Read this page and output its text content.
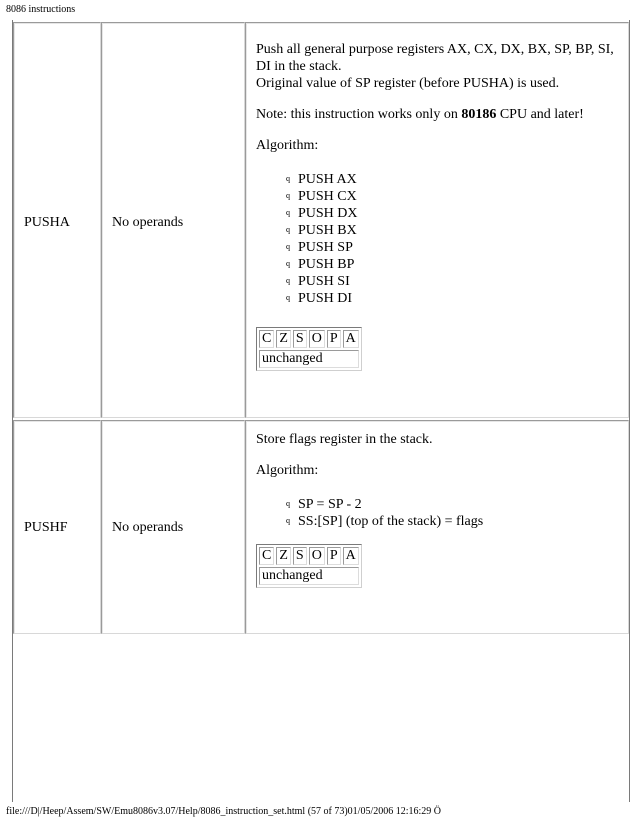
8086 instructions
PUSHA	No operands

Push all general purpose registers AX, CX, DX, BX, SP, BP, SI, DI in the stack.
Original value of SP register (before PUSHA) is used.

Note: this instruction works only on 80186 CPU and later!

Algorithm:

q PUSH AX
q PUSH CX
q PUSH DX
q PUSH BX
q PUSH SP
q PUSH BP
q PUSH SI
q PUSH DI
C	Z	S	O	P	A
unchanged
PUSHF	No operands

Store flags register in the stack.

Algorithm:

q SP = SP - 2
q SS:[SP] (top of the stack) = flags
C	Z	S	O	P	A
unchanged
file:///D|/Heep/Assem/SW/Emu8086v3.07/Help/8086_instruction_set.html (57 of 73)01/05/2006 12:16:29 Ö
